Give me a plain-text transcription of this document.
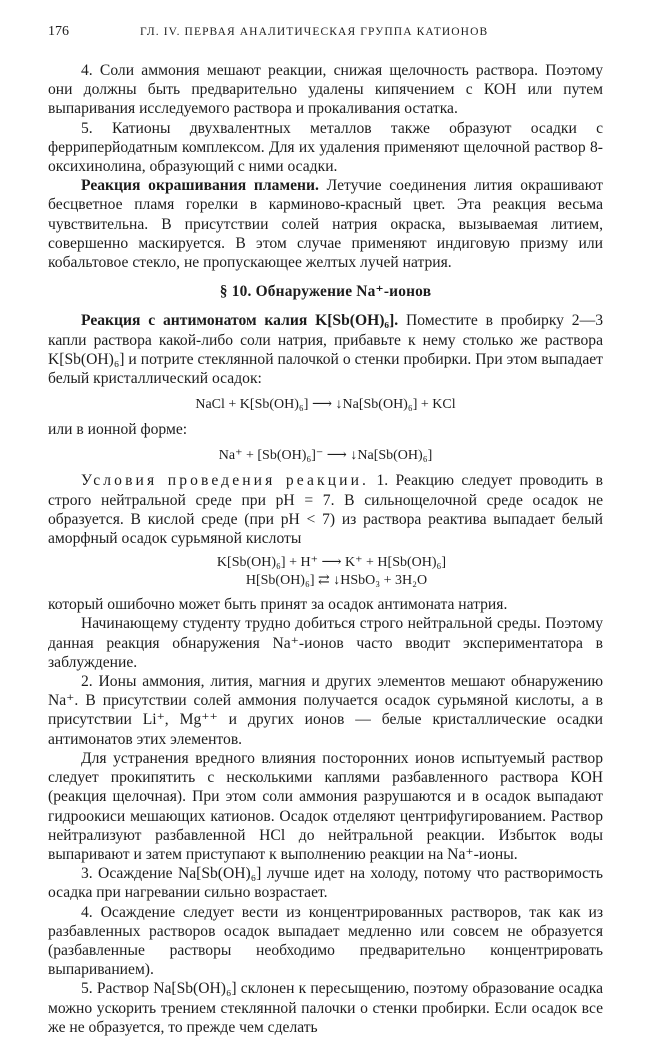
176	ГЛ. IV. ПЕРВАЯ АНАЛИТИЧЕСКАЯ ГРУППА КАТИОНОВ

4. Соли аммония мешают реакции, снижая щелочность раствора. Поэтому они должны быть предварительно удалены кипячением с КОН или путем выпаривания исследуемого раствора и прокаливания остатка.

5. Катионы двухвалентных металлов также образуют осадки с ферриперйодатным комплексом. Для их удаления применяют щелочной раствор 8-оксихинолина, образующий с ними осадки.

Реакция окрашивания пламени. Летучие соединения лития окрашивают бесцветное пламя горелки в карминово-красный цвет. Эта реакция весьма чувствительна. В присутствии солей натрия окраска, вызываемая литием, совершенно маскируется. В этом случае применяют индиговую призму или кобальтовое стекло, не пропускающее желтых лучей натрия.

§ 10. Обнаружение Na⁺-ионов

Реакция с антимонатом калия K[Sb(OH)₆]. Поместите в пробирку 2—3 капли раствора какой-либо соли натрия, прибавьте к нему столько же раствора K[Sb(OH)₆] и потрите стеклянной палочкой о стенки пробирки. При этом выпадает белый кристаллический осадок:

NaCl + K[Sb(OH)₆] ⟶ ↓Na[Sb(OH)₆] + KCl

или в ионной форме:

Na⁺ + [Sb(OH)₆]⁻ ⟶ ↓Na[Sb(OH)₆]

Условия проведения реакции. 1. Реакцию следует проводить в строго нейтральной среде при pH = 7. В сильнощелочной среде осадок не образуется. В кислой среде (при pH < 7) из раствора реактива выпадает белый аморфный осадок сурьмяной кислоты

K[Sb(OH)₆] + H⁺ ⟶ K⁺ + H[Sb(OH)₆]
H[Sb(OH)₆] ⇄ ↓HSbO₃ + 3H₂O

который ошибочно может быть принят за осадок антимоната натрия.

Начинающему студенту трудно добиться строго нейтральной среды. Поэтому данная реакция обнаружения Na⁺-ионов часто вводит экспериментатора в заблуждение.

2. Ионы аммония, лития, магния и других элементов мешают обнаружению Na⁺. В присутствии солей аммония получается осадок сурьмяной кислоты, а в присутствии Li⁺, Mg⁺⁺ и других ионов — белые кристаллические осадки антимонатов этих элементов.

Для устранения вредного влияния посторонних ионов испытуемый раствор следует прокипятить с несколькими каплями разбавленного раствора КОН (реакция щелочная). При этом соли аммония разрушаются и в осадок выпадают гидроокиси мешающих катионов. Осадок отделяют центрифугированием. Раствор нейтрализуют разбавленной HCl до нейтральной реакции. Избыток воды выпаривают и затем приступают к выполнению реакции на Na⁺-ионы.

3. Осаждение Na[Sb(OH)₆] лучше идет на холоду, потому что растворимость осадка при нагревании сильно возрастает.

4. Осаждение следует вести из концентрированных растворов, так как из разбавленных растворов осадок выпадает медленно или совсем не образуется (разбавленные растворы необходимо предварительно концентрировать выпариванием).

5. Раствор Na[Sb(OH)₆] склонен к пересыщению, поэтому образование осадка можно ускорить трением стеклянной палочки о стенки пробирки. Если осадок все же не образуется, то прежде чем сделать
